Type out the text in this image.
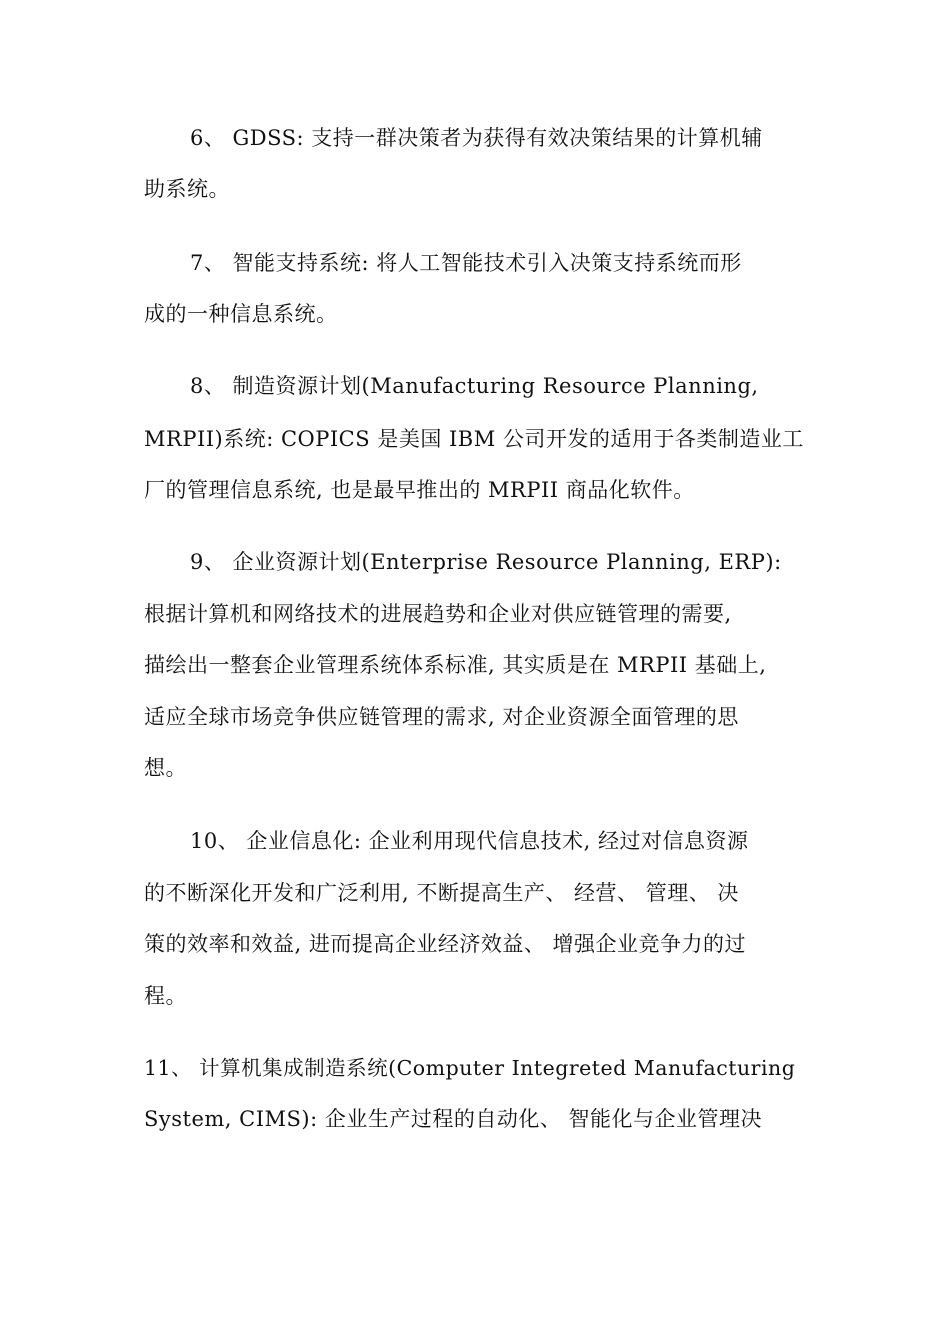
6、 GDSS: 支持一群决策者为获得有效决策结果的计算机辅
助系统。
7、 智能支持系统: 将人工智能技术引入决策支持系统而形
成的一种信息系统。
8、 制造资源计划(Manufacturing Resource Planning,
MRPII)系统: COPICS 是美国 IBM 公司开发的适用于各类制造业工
厂的管理信息系统, 也是最早推出的 MRPII 商品化软件。
9、 企业资源计划(Enterprise Resource Planning, ERP):
根据计算机和网络技术的进展趋势和企业对供应链管理的需要,
描绘出一整套企业管理系统体系标准, 其实质是在 MRPII 基础上,
适应全球市场竞争供应链管理的需求, 对企业资源全面管理的思
想。
10、 企业信息化: 企业利用现代信息技术, 经过对信息资源
的不断深化开发和广泛利用, 不断提高生产、 经营、 管理、 决
策的效率和效益, 进而提高企业经济效益、 增强企业竞争力的过
程。
11、 计算机集成制造系统(Computer Integreted Manufacturing
System, CIMS): 企业生产过程的自动化、 智能化与企业管理决
